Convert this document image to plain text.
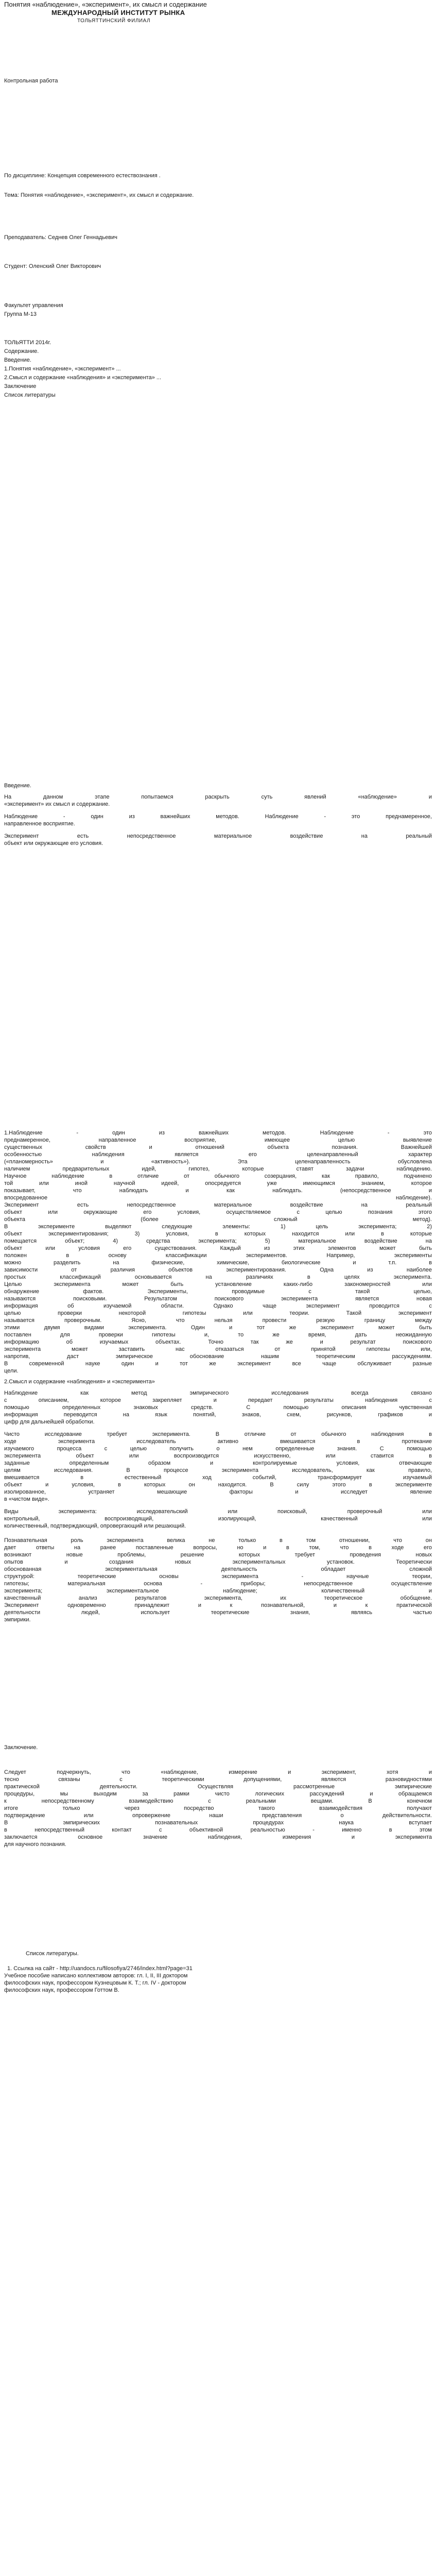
Понятия «наблюдение», «эксперимент», их смысл и содержание
МЕЖДУНАРОДНЫЙ ИНСТИТУТ РЫНКА
ТОЛЬЯТТИНСКИЙ ФИЛИАЛ
Контрольная работа
По дисциплине: Концепция современного естествознания .
Тема: Понятия «наблюдение», «эксперимент», их смысл и содержание.
Преподаватель: Седнев Олег Геннадьевич
Студент: Оленский Олег Викторович
Факультет управления
Группа М-13
ТОЛЬЯТТИ 2014г.
Содержание.
Введение.
1.Понятия «наблюдение», «эксперимент» ...
2.Смысл и содержание «наблюдения» и «эксперимента» ...
Заключение
Список литературы
Введение.
На данном этапе попытаемся раскрыть суть явлений «наблюдение» и
«эксперимент» их смысл и содержание.
Наблюдение - один из важнейших методов. Наблюдение - это преднамеренное,
направленное восприятие.
Эксперимент есть непосредственное материальное воздействие на реальный
объект или окружающие его условия.
1.Наблюдение - один из важнейших методов. Наблюдение - это
преднамеренное, направленное восприятие, имеющее целью выявление
существенных свойств и отношений объекта познания. Важнейшей
особенностью наблюдения является его целенаправленный характер
(«планомерность» и «активность»). Эта целенаправленность обусловлена
наличием предварительных идей, гипотез, которые ставят задачи наблюдению.
Научное наблюдение в отличие от обычного созерцания, как правило, подчинено
той или иной научной идеей, опосредуется уже имеющимся знанием, которое
показывает, что наблюдать и как наблюдать. (непосредственное и
впосредованное наблюдение).
Эксперимент есть непосредственное материальное воздействие на реальный
объект или окружающие его условия, осуществляемое с целью познания этого
объекта (более сложный метод).
В эксперименте выделяют следующие элементы: 1) цель эксперимента; 2)
объект экспериментирования; 3) условия, в которых находится или в которые
помещается объект; 4) средства эксперимента; 5) материальное воздействие на
объект или условия его существования. Каждый из этих элементов может быть
положен в основу классификации экспериментов. Например, эксперименты
можно разделить на физические, химические, биологические и т.п. в
зависимости от различия объектов экспериментирования. Одна из наиболее
простых классификаций основывается на различиях в целях эксперимента.
Целью эксперимента может быть установление каких-либо закономерностей или
обнаружение фактов. Эксперименты, проводимые с такой целью,
называются поисковыми. Результатом поискового эксперимента является новая
информация об изучаемой области. Однако чаще эксперимент проводится с
целью проверки некоторой гипотезы или теории. Такой эксперимент
называется проверочным. Ясно, что нельзя провести резкую границу между
этими двумя видами эксперимента. Один и тот же эксперимент может быть
поставлен для проверки гипотезы и, то же время, дать неожиданную
информацию об изучаемых объектах. Точно так же и результат поискового
эксперимента может заставить нас отказаться от принятой гипотезы или,
напротив, даст эмпирическое обоснование нашим теоретическим рассуждениям.
В современной науке один и тот же эксперимент все чаще обслуживает разные
цели.
2.Смысл и содержание «наблюдения» и «эксперимента»
Наблюдение как метод эмпирического исследования всегда связано
с описанием, которое закрепляет и передает результаты наблюдения с
помощью определенных знаковых средств. С помощью описания чувственная
информация переводится на язык понятий, знаков, схем, рисунков, графиков и
цифр для дальнейшей обработки.
Чисто исследование требует эксперимента. В отличие от обычного наблюдения в
ходе эксперимента исследователь активно вмешивается в протекание
изучаемого процесса с целью получить о нем определенные знания. С помощью
эксперимента объект или воспроизводится искусственно, или ставится в
заданные определенным образом и контролируемые условия, отвечающие
целям исследования. В процессе эксперимента исследователь, как правило,
вмешивается в естественный ход событий, трансформирует изучаемый
объект и условия, в которых он находится. В силу этого в эксперименте
изолированное, устраняет мешающие факторы и исследует явление
в «чистом виде».
Виды эксперимента: исследовательский или поисковый, проверочный или
контрольный, воспроизводящий, изолирующий, качественный или
количественный, подтверждающий, опровергающий или решающий.
Познавательная роль эксперимента велика не только в том отношении, что он
дает ответы на ранее поставленные вопросы, но и в том, что в ходе его
возникают новые проблемы, решение которых требует проведения новых
опытов и создания новых экспериментальных установок. Теоретически
обоснованная экспериментальная деятельность обладает сложной
структурой: теоретические основы эксперимента - научные теории,
гипотезы; материальная основа - приборы; непосредственное осуществление
эксперимента; экспериментальное наблюдение; количественный и
качественный анализ результатов эксперимента, их теоретическое обобщение.
Эксперимент одновременно принадлежит и к познавательной, и к практической
деятельности людей, использует теоретические знания, являясь частью
эмпирики.
Заключение.
Следует подчеркнуть, что «наблюдение, измерение и эксперимент, хотя и
тесно связаны с теоретическими допущениями, являются разновидностями
практической деятельности. Осуществляя рассмотренные эмпирические
процедуры, мы выходим за рамки чисто логических рассуждений и обращаемся
к непосредственному взаимодействию с реальными вещами. В конечном
итоге только через посредство такого взаимодействия получают
подтверждение или опровержение наши представления о действительности.
В эмпирических познавательных процедурах наука вступает
в непосредственный контакт с объективной реальностью - именно в этом
заключается основное значение наблюдения, измерения и эксперимента
для научного познания.
Список литературы.
1. Ссылка на сайт - http://uandocs.ru/filosofiya/2746/index.html?page=31
Учебное пособие написано коллективом авторов: гл. I, II, III доктором
философских наук, профессором Кузнецовым К. Т.; гл. IV - доктором
философских наук, профессором Готтом В.
